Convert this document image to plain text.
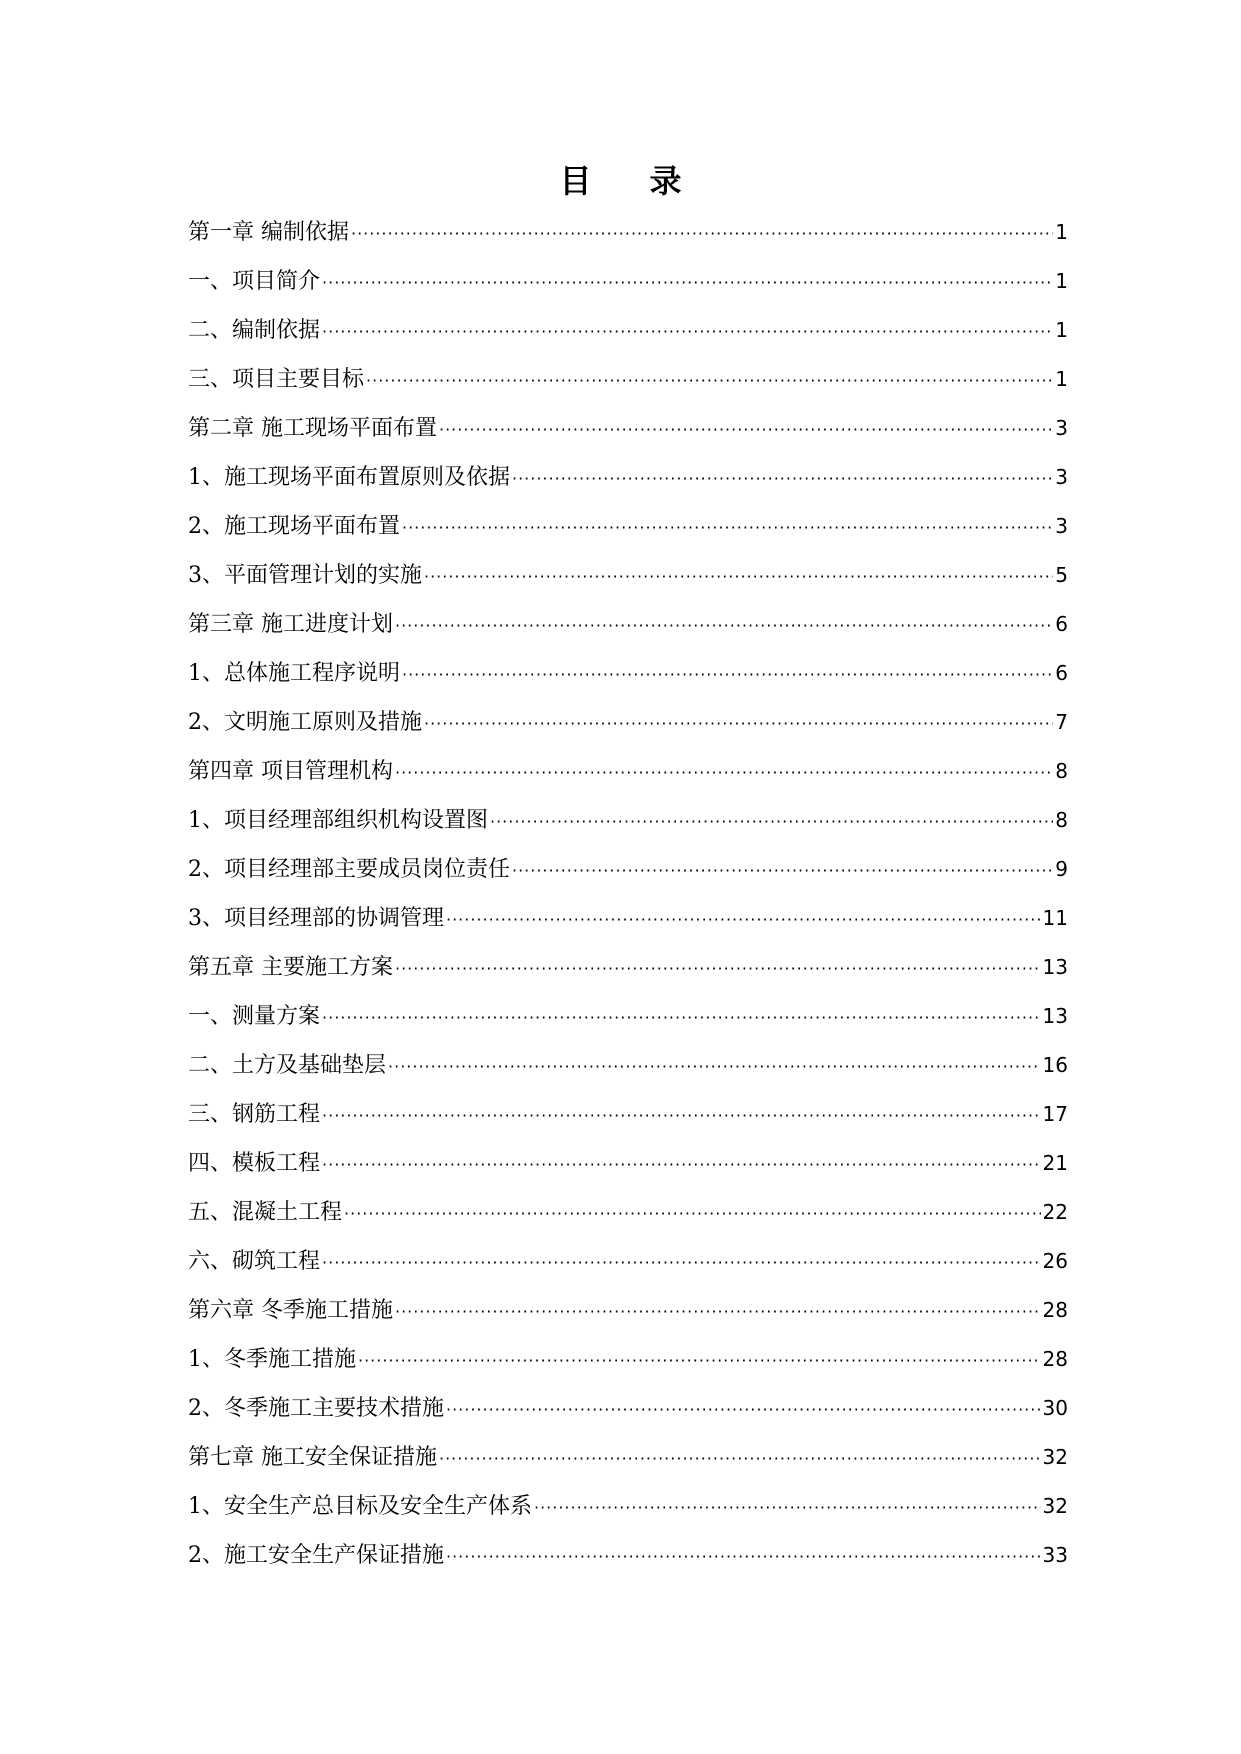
目 录
第一章 编制依据 ·····	1
一、项目简介 ·····	1
二、编制依据 ·····	1
三、项目主要目标 ·····	1
第二章 施工现场平面布置 ·····	3
1、施工现场平面布置原则及依据 ·····	3
2、施工现场平面布置 ·····	3
3、平面管理计划的实施 ·····	5
第三章 施工进度计划 ·····	6
1、总体施工程序说明 ·····	6
2、文明施工原则及措施 ·····	7
第四章 项目管理机构 ·····	8
1、项目经理部组织机构设置图 ·····	8
2、项目经理部主要成员岗位责任 ·····	9
3、项目经理部的协调管理 ·····	11
第五章 主要施工方案 ·····	13
一、测量方案 ·····	13
二、土方及基础垫层 ·····	16
三、钢筋工程 ·····	17
四、模板工程 ·····	21
五、混凝土工程 ·····	22
六、砌筑工程 ·····	26
第六章 冬季施工措施 ·····	28
1、冬季施工措施 ·····	28
2、冬季施工主要技术措施 ·····	30
第七章 施工安全保证措施 ·····	32
1、安全生产总目标及安全生产体系 ·····	32
2、施工安全生产保证措施 ·····	33
